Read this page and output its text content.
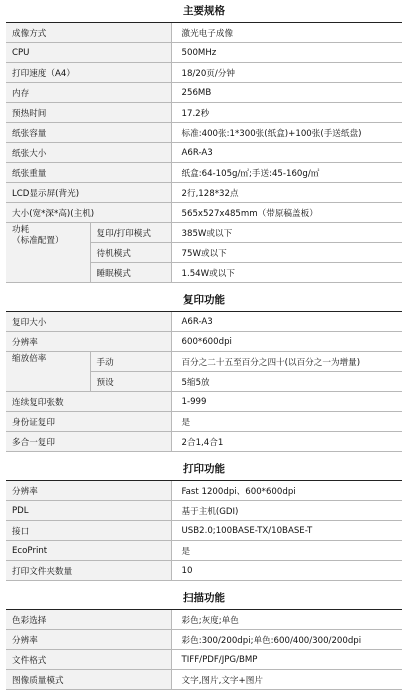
主要规格
成像方式		激光电子成像
CPU		500MHz
打印速度（A4）		18/20页/分钟
内存		256MB
预热时间		17.2秒
纸张容量		标准:400张:1*300张(纸盒)+100张(手送纸盘)
纸张大小		A6R-A3
纸张重量		纸盒:64-105g/㎡;手送:45-160g/㎡
LCD显示屏(背光)		2行,128*32点
大小(宽*深*高)(主机)		565x527x485mm（带原稿盖板）
功耗
（标准配置）	复印/打印模式	385W或以下
	待机模式	75W或以下
	睡眠模式	1.54W或以下
复印功能
复印大小		A6R-A3
分辨率		600*600dpi
缩放倍率	手动	百分之二十五至百分之四十(以百分之一为增量)
	预设	5缩5放
连续复印张数		1-999
身份证复印		是
多合一复印		2合1,4合1
打印功能
分辨率	Fast 1200dpi、600*600dpi
PDL	基于主机(GDI)
接口	USB2.0;100BASE-TX/10BASE-T
EcoPrint	是
打印文件夹数量	10
扫描功能
色彩选择	彩色;灰度;单色
分辨率	彩色:300/200dpi;单色:600/400/300/200dpi
文件格式	TIFF/PDF/JPG/BMP
图像质量模式	文字,图片,文字+图片
